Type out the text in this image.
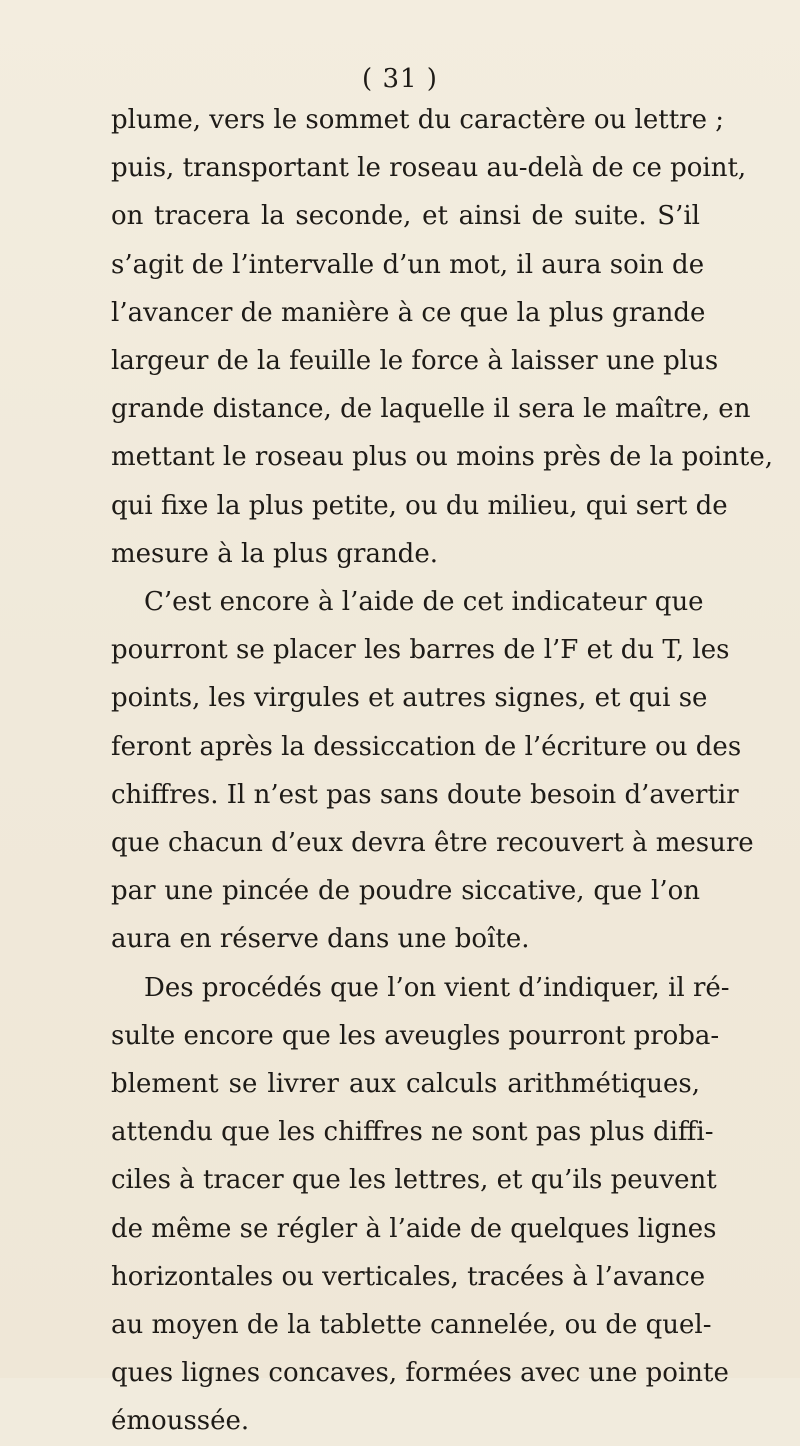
( 31 )
plume, vers le sommet du caractère ou lettre ;
puis, transportant le roseau au-delà de ce point,
on tracera la seconde, et ainsi de suite. S’il
s’agit de l’intervalle d’un mot, il aura soin de
l’avancer de manière à ce que la plus grande
largeur de la feuille le force à laisser une plus
grande distance, de laquelle il sera le maître, en
mettant le roseau plus ou moins près de la pointe,
qui fixe la plus petite, ou du milieu, qui sert de
mesure à la plus grande.
C’est encore à l’aide de cet indicateur que
pourront se placer les barres de l’F et du T, les
points, les virgules et autres signes, et qui se
feront après la dessiccation de l’écriture ou des
chiffres. Il n’est pas sans doute besoin d’avertir
que chacun d’eux devra être recouvert à mesure
par une pincée de poudre siccative, que l’on
aura en réserve dans une boîte.
Des procédés que l’on vient d’indiquer, il ré-
sulte encore que les aveugles pourront proba-
blement se livrer aux calculs arithmétiques,
attendu que les chiffres ne sont pas plus diffi-
ciles à tracer que les lettres, et qu’ils peuvent
de même se régler à l’aide de quelques lignes
horizontales ou verticales, tracées à l’avance
au moyen de la tablette cannelée, ou de quel-
ques lignes concaves, formées avec une pointe
émoussée.
